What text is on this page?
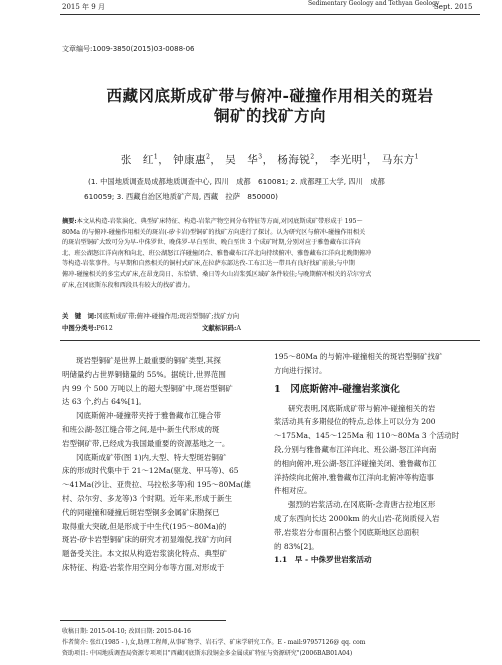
2015 年 9 月	Sedimentary Geology and Tethyan Geology
Sept. 2015
文章编号:1009-3850(2015)03-0088-06
西藏冈底斯成矿带与俯冲-碰撞作用相关的斑岩
铜矿的找矿方向
张　红$^1$， 钟康惠$^2$， 吴　华$^3$， 杨海锐$^2$， 李光明$^1$， 马东方$^1$
(1. 中国地质调查局成都地质调查中心, 四川　成都　610081; 2. 成都理工大学, 四川　成都
610059; 3. 西藏自治区地质矿产局, 西藏　拉萨　850000)

摘要:本文从构造-岩浆演化、典型矿床特征、构造-岩浆产物空间分布特征等方面,对冈底斯成矿带形成于 195～

80Ma 的与俯冲-碰撞作用相关的斑岩(-矽卡岩)型铜矿的找矿方向进行了探讨。认为研究区与俯冲-碰撞作用相关

的斑岩型铜矿大致可分为早-中侏罗世、晚侏罗-早白垩世、晚白垩世 3 个成矿时期,分别对应于雅鲁藏布江洋向

北、班公湖怒江洋向南和向北、班公湖怒江洋碰撞闭合、雅鲁藏布江洋北向持续俯冲、雅鲁藏布江洋向北晚期俯冲

等构造-岩浆事件。与早期和自然相关的铜村式矿床,在拉萨东部达孜-工布江达一带具有良好找矿前景;与中期

俯冲-碰撞相关的多宝式矿床,在昂龙岗日、东恰错、桑日等火山岩浆弧区域矿条件较佳;与晚期俯冲相关的尕尔穷式

矿床,在冈底斯东段和西段具有较大的找矿潜力。

关　键　词:冈底斯成矿带;俯冲-碰撞作用;斑岩型铜矿;找矿方向
中图分类号:P612	文献标识码:A

斑岩型铜矿是世界上最重要的铜矿类型,其探

明储量约占世界铜储量的 55%。据统计,世界范围

内 99 个 500 万吨以上的超大型铜矿中,斑岩型铜矿

达 63 个,约占 64%[1]。

冈底斯俯冲-碰撞带夹持于雅鲁藏布江缝合带

和班公湖-怒江缝合带之间,是中-新生代形成的斑

岩型铜矿带,已经成为我国最重要的资源基地之一。

冈底斯成矿带(图 1)内,大型、特大型斑岩铜矿

床的形成时代集中于 21～12Ma(驱龙、甲马等)、65

～41Ma(沙让、亚贵拉、马拉松多等)和 195～80Ma(雄

村、尕尔穷、多龙等)3 个时期。近年来,形成于新生

代的同碰撞和碰撞后斑岩型铜多金属矿床勘探已

取得重大突破,但是形成于中生代(195～80Ma)的

斑岩-矽卡岩型铜矿床的研究才初显端倪,找矿方向问

题备受关注。本文拟从构造岩浆演化特点、典型矿

床特征、构造-岩浆作用空间分布等方面,对形成于

195～80Ma 的与俯冲-碰撞相关的斑岩型铜矿找矿

方向进行探讨。

1　冈底斯俯冲-碰撞岩浆演化

研究表明,冈底斯成矿带与俯冲-碰撞相关的岩

浆活动具有多期侵位的特点,总体上可以分为 200

～175Ma、145～125Ma 和 110～80Ma 3 个活动时

段,分别与雅鲁藏布江洋向北、班公湖-怒江洋向南

的相向俯冲,班公湖-怒江洋碰撞关闭、雅鲁藏布江

洋持续向北俯冲,雅鲁藏布江洋向北俯冲等构造事

件相对应。

强烈的岩浆活动,在冈底斯-念青唐古拉地区形

成了东西向长达 2000km 的火山岩-花岗质侵入岩

带,岩浆岩分布面积占整个冈底斯地区总面积

的 83%[2]。

1.1　早 - 中侏罗世岩浆活动

收稿日期: 2015-04-10; 改回日期: 2015-04-16
作者简介: 张红(1985 - ),女,助理工程师,从事矿物学、岩石学、矿床学研究工作。E - mail:97957126@ qq. com
资助项目: 中国地质调查局资源专项项目"西藏冈底斯东段铜金多金属成矿特征与资源研究"(2006BAB01A04)
